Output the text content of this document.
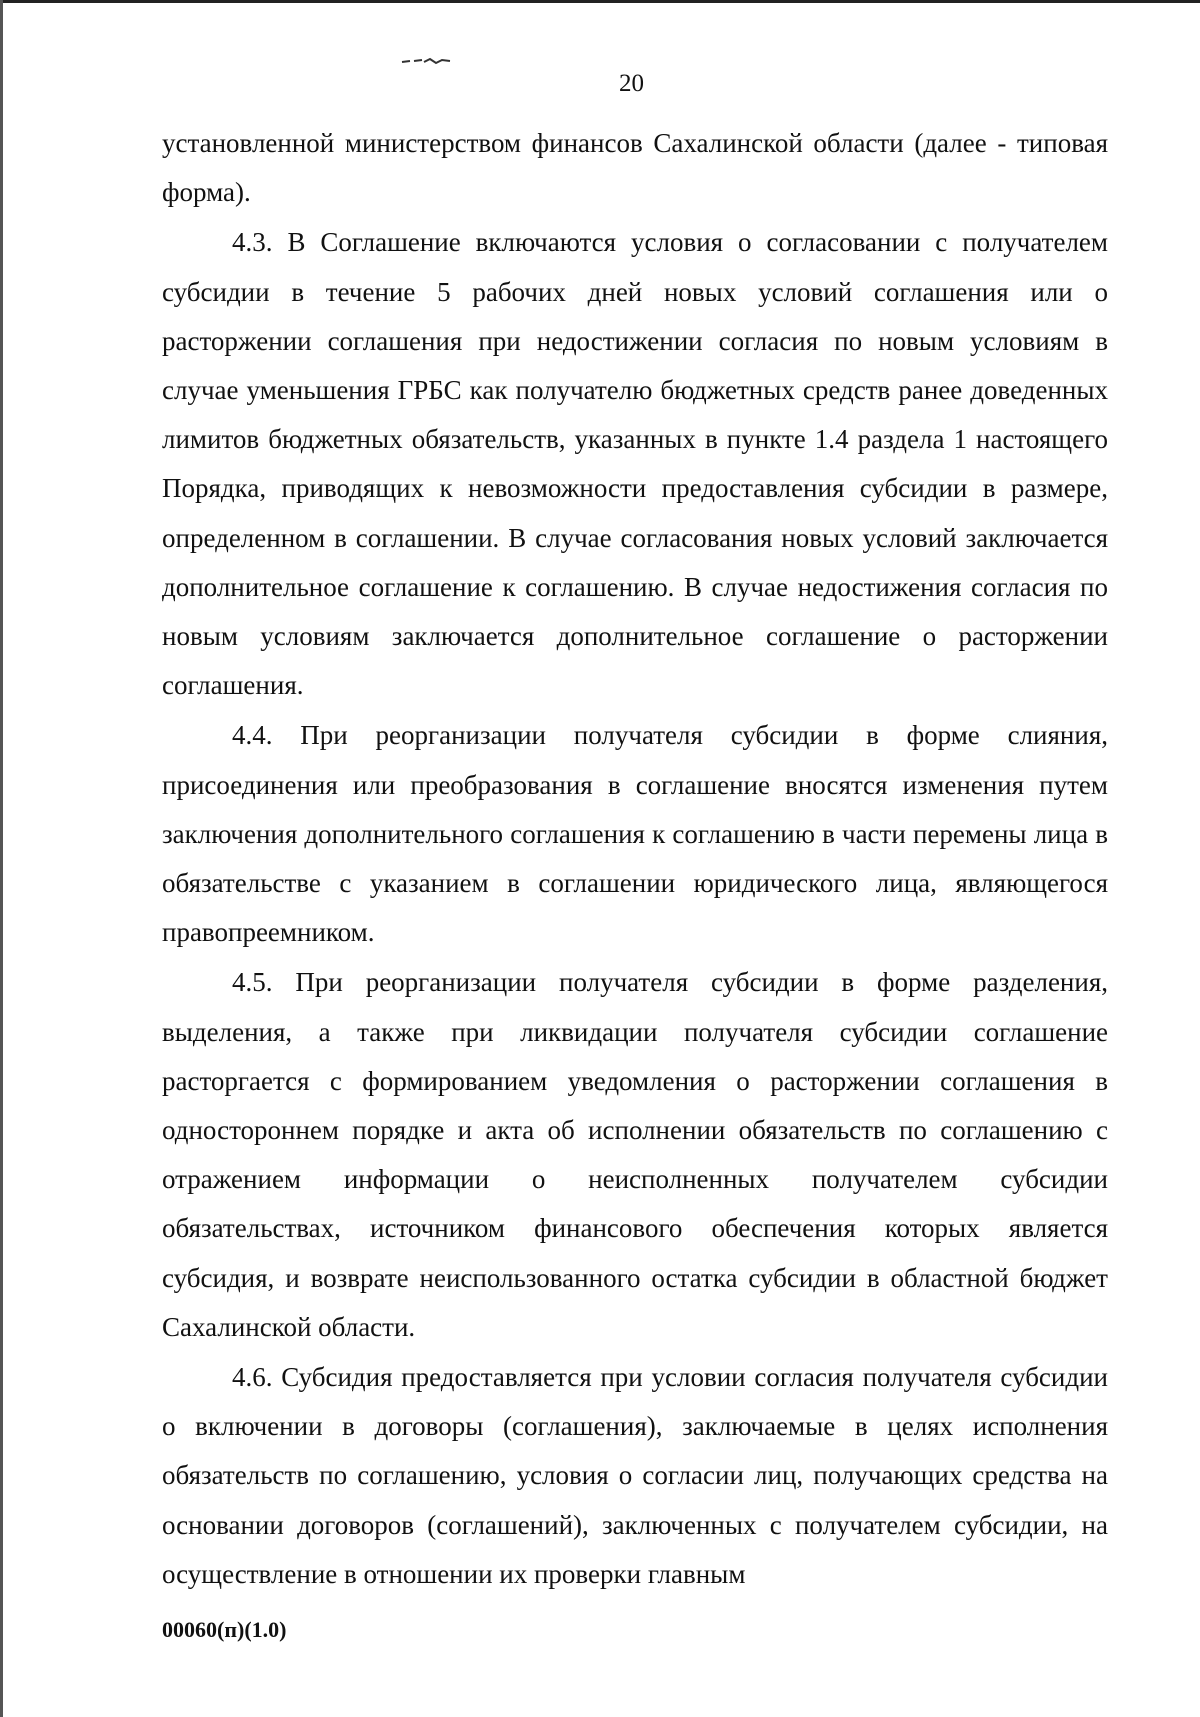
20

установленной министерством финансов Сахалинской области (далее - типовая форма).

4.3. В Соглашение включаются условия о согласовании с получателем субсидии в течение 5 рабочих дней новых условий соглашения или о расторжении соглашения при недостижении согласия по новым условиям в случае уменьшения ГРБС как получателю бюджетных средств ранее доведенных лимитов бюджетных обязательств, указанных в пункте 1.4 раздела 1 настоящего Порядка, приводящих к невозможности предоставления субсидии в размере, определенном в соглашении. В случае согласования новых условий заключается дополнительное соглашение к соглашению. В случае недостижения согласия по новым условиям заключается дополнительное соглашение о расторжении соглашения.

4.4. При реорганизации получателя субсидии в форме слияния, присоединения или преобразования в соглашение вносятся изменения путем заключения дополнительного соглашения к соглашению в части перемены лица в обязательстве с указанием в соглашении юридического лица, являющегося правопреемником.

4.5. При реорганизации получателя субсидии в форме разделения, выделения, а также при ликвидации получателя субсидии соглашение расторгается с формированием уведомления о расторжении соглашения в одностороннем порядке и акта об исполнении обязательств по соглашению с отражением информации о неисполненных получателем субсидии обязательствах, источником финансового обеспечения которых является субсидия, и возврате неиспользованного остатка субсидии в областной бюджет Сахалинской области.

4.6. Субсидия предоставляется при условии согласия получателя субсидии о включении в договоры (соглашения), заключаемые в целях исполнения обязательств по соглашению, условия о согласии лиц, получающих средства на основании договоров (соглашений), заключенных с получателем субсидии, на осуществление в отношении их проверки главным

00060(п)(1.0)
